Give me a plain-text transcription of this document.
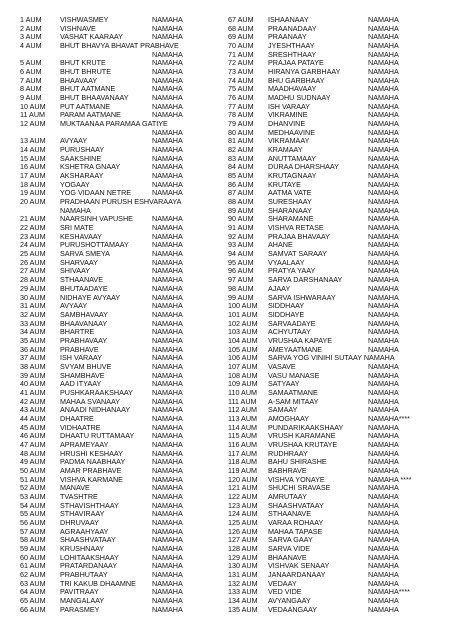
1 AUM	VISHWASMEY	NAMAHA
2 AUM	VISHNAVE	NAMAHA
3 AUM	VASHAT KAARAAY	NAMAHA
4 AUM	BHUT BHAVYA BHAVAT PRABHAVE
NAMAHA
5 AUM	BHUT KRUTE	NAMAHA
6 AUM	BHUT BHRUTE	NAMAHA
7 AUM	BHAAVAAY	NAMAHA
8 AUM	BHUT AATMANE	NAMAHA
9 AUM	BHUT BHAAVANAAY	NAMAHA
10 AUM PUT AATMANE	NAMAHA
11 AUM PARAM AATMANE	NAMAHA
12 AUM MUKTAANAA PARAMAA GATIYE
NAMAHA
13 AUM AVYAAY	NAMAHA
14 AUM PURUSHAAY	NAMAHA
15 AUM SAAKSHINE	NAMAHA
16 AUM KSHETRA GNAAY	NAMAHA
17 AUM AKSHARAAY	NAMAHA
18 AUM YOGAAY	NAMAHA
19 AUM YOG VIDAAN NETRE	NAMAHA
20 AUM PRADHAAN PURUSH ESHVARAAYA
NAMAHA
21 AUM NAARSINH VAPUSHE	NAMAHA
22 AUM SRI MATE	NAMAHA
23 AUM KESHAVAAY	NAMAHA
24 AUM PURUSHOTTAMAAY	NAMAHA
25 AUM SARVA SMEYA	NAMAHA
26 AUM SHARVAAY	NAMAHA
27 AUM SHIVAAY	NAMAHA
28 AUM STHAANAVE	NAMAHA
29 AUM BHUTAADAYE	NAMAHA
30 AUM NIDHAYE AVYAAY	NAMAHA
31 AUM AVYAAY	NAMAHA
32 AUM SAMBHAVAAY	NAMAHA
33 AUM BHAAVANAAY	NAMAHA
34 AUM BHARTRE	NAMAHA
35 AUM PRABHAVAAY	NAMAHA
36 AUM PRABHAVE	NAMAHA
37 AUM ISH VARAAY	NAMAHA
38 AUM SVYAM BHUVE	NAMAHA
39 AUM SHAMBHAVE	NAMAHA
40 AUM AAD ITYAAY	NAMAHA
41 AUM PUSHKARAAKSHAAY	NAMAHA
42 AUM MAHAA SVANAAY	NAMAHA
43 AUM ANAADI NIDHANAAY	NAMAHA
44 AUM DHAATRE	NAMAHA
45 AUM VIDHAATRE	NAMAHA
46 AUM DHAATU RUTTAMAAY NAMAHA
47 AUM APRAMEYAAY	NAMAHA
48 AUM HRUSHI KESHAAY	NAMAHA
49 AUM PADMA NAABHAAY	NAMAHA
50 AUM AMAR PRABHAVE	NAMAHA
51 AUM VISHVA KARMANE	NAMAHA
52 AUM MANAVE	NAMAHA
53 AUM TVASHTRE	NAMAHA
54 AUM STHAVISHTHAAY	NAMAHA
55 AUM STHAVIRAAY	NAMAHA
56 AUM DHRUVAAY	NAMAHA
57 AUM AGRAAHYAAY	NAMAHA
58 AUM SHAASHVATAAY	NAMAHA
59 AUM KRUSHNAAY	NAMAHA
60 AUM LOHITAAKSHAAY	NAMAHA
61 AUM PRATARDANAAY	NAMAHA
62 AUM PRABHUTAAY	NAMAHA
63 AUM TRI KAKUB DHAAMNE NAMAHA
64 AUM PAVITRAAY	NAMAHA
65 AUM MANGALAAY	NAMAHA
66 AUM PARASMEY	NAMAHA
67 AUM ISHAANAAY	NAMAHA
68 AUM PRAANADAAY	NAMAHA
69 AUM PRAANAAY	NAMAHA
70 AUM JYESHTHAAY	NAMAHA
71 AUM SRESHTHAAY	NAMAHA
72 AUM PRAJAA PATAYE	NAMAHA
73 AUM HIRANYA GARBHAAY	NAMAHA
74 AUM BHU GARBHAAY	NAMAHA
75 AUM MAADHAVAAY	NAMAHA
76 AUM MADHU SUDNAAY	NAMAHA
77 AUM ISH VARAAY	NAMAHA
78 AUM VIKRAMINE	NAMAHA
79 AUM DHANVINE	NAMAHA
80 AUM MEDHAAVINE	NAMAHA
81 AUM VIKRAMAAY	NAMAHA
82 AUM KRAMAAY	NAMAHA
83 AUM ANUTTAMAAY	NAMAHA
84 AUM DURAA DHARSHAAY	NAMAHA
85 AUM KRUTAGNAAY	NAMAHA
86 AUM KRUTAYE	NAMAHA
87 AUM AATMA VATE	NAMAHA
88 AUM SURESHAAY	NAMAHA
89 AUM SHARANAAY	NAMAHA
90 AUM SHARAMANE	NAMAHA
91 AUM VISHVA RETASE	NAMAHA
92 AUM PRAJAA BHAVAAY	NAMAHA
93 AUM AHANE	NAMAHA
94 AUM SAMVAT SARAAY	NAMAHA
95 AUM VYAALAAY	NAMAHA
96 AUM PRATYA YAAY	NAMAHA
97 AUM SARVA DARSHANAAY	NAMAHA
98 AUM AJAAY	NAMAHA
99 AUM SARVA ISHWARAAY	NAMAHA
100 AUM SIDDHAAY	NAMAHA
101 AUM SIDDHAYE	NAMAHA
102 AUM SARVAADAYE	NAMAHA
103 AUM ACHYUTAAY	NAMAHA
104 AUM VRUSHAA KAPAYE	NAMAHA
105 AUM AMEYAATMANE	NAMAHA
106 AUM SARVA YOG VINIHI SUTAAY NAMAHA
107 AUM VASAVE	NAMAHA
108 AUM VASU MANASE	NAMAHA
109 AUM SATYAAY	NAMAHA
110 AUM SAMAATMANE	NAMAHA
111 AUM A-SAM MITAAY	NAMAHA
112 AUM SAMAAY	NAMAHA
113 AUM AMOGHAAY	NAMAHA****
114 AUM PUNDARIKAAKSHAAY	NAMAHA
115 AUM VRUSH KARAMANE	NAMAHA
116 AUM VRUSHAA KRUTAYE	NAMAHA
117 AUM RUDHRAAY	NAMAHA
118 AUM BAHU SHIRASHE	NAMAHA
119 AUM BABHRAVE	NAMAHA
120 AUM VISHVA YONAYE	NAMAHA ****
121 AUM SHUCHI SRAVASE	NAMAHA
122 AUM AMRUTAAY	NAMAHA
123 AUM SHAASHVATAAY	NAMAHA
124 AUM STHAANAVE	NAMAHA
125 AUM VARAA ROHAAY	NAMAHA
126 AUM MAHAA TAPASE	NAMAHA
127 AUM SARVA GAAY	NAMAHA
128 AUM SARVA VIDE	NAMAHA
129 AUM BHAANAVE	NAMAHA
130 AUM VISHVAK SENAAY	NAMAHA
131 AUM JANAARDANAAY	NAMAHA
132 AUM VEDAAY	NAMAHA
133 AUM VED VIDE	NAMAHA****
134 AUM AVYANGAAY	NAMAHA
135 AUM VEDAANGAAY	NAMAHA
